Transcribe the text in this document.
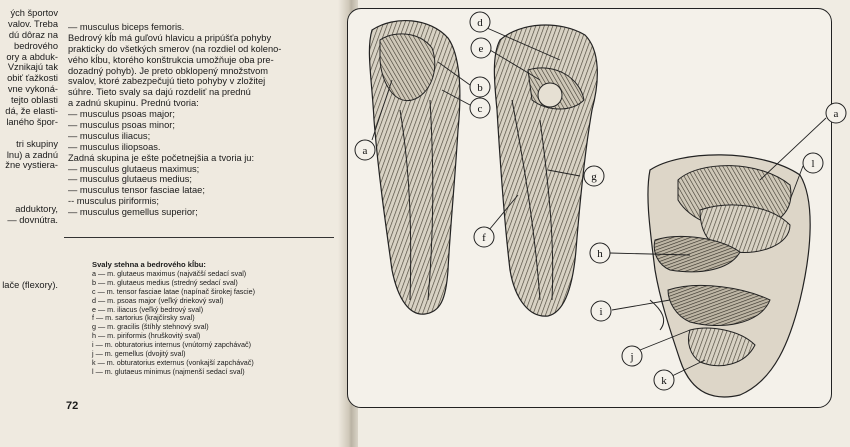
ých športov
valov. Treba
dú dôraz na
bedrového
ory a abduk-
Vznikajú tak
obiť ťažkosti
vne vykoná-
tejto oblasti
dá, že elasti-
laného špor-
tri skupiny
lnu) a zadnú
žne vystiera-
adduktory,
— dovnútra.
lače (flexory).
— musculus biceps femoris.
Bedrový kĺb má guľovú hlavicu a pripúšťa pohyby
prakticky do všetkých smerov (na rozdiel od koleno-
vého kĺbu, ktorého konštrukcia umožňuje oba pre-
dozadný pohyb). Je preto obklopený množstvom
svalov, ktoré zabezpečujú tieto pohyby v zložitej
súhre. Tieto svaly sa dajú rozdeliť na prednú
a zadnú skupinu. Prednú tvoria:
— musculus psoas major;
— musculus psoas minor;
— musculus iliacus;
— musculus iliopsoas.
Zadná skupina je ešte početnejšia a tvoria ju:
— musculus glutaeus maximus;
— musculus glutaeus medius;
— musculus tensor fasciae latae;
-- musculus piriformis;
— musculus gemellus superior;
Svaly stehna a bedrového kĺbu:
a — m. glutaeus maximus (najväčší sedací sval)
b — m. glutaeus medius (stredný sedací sval)
c — m. tensor fasciae latae (napínač širokej fascie)
d — m. psoas major (veľký driekový sval)
e — m. iliacus (veľký bedrový sval)
f — m. sartorius (krajčírsky sval)
g — m. gracilis (štíhly stehnový sval)
h — m. piriformis (hruškovitý sval)
i — m. obturatorius internus (vnútorný zapchávač)
j — m. gemellus (dvojitý sval)
k — m. obturatorius externus (vonkajší zapchávač)
l — m. glutaeus minimus (najmenší sedací sval)
72
a
b
c
d
e
f
g
h
i
j
k
a
l
